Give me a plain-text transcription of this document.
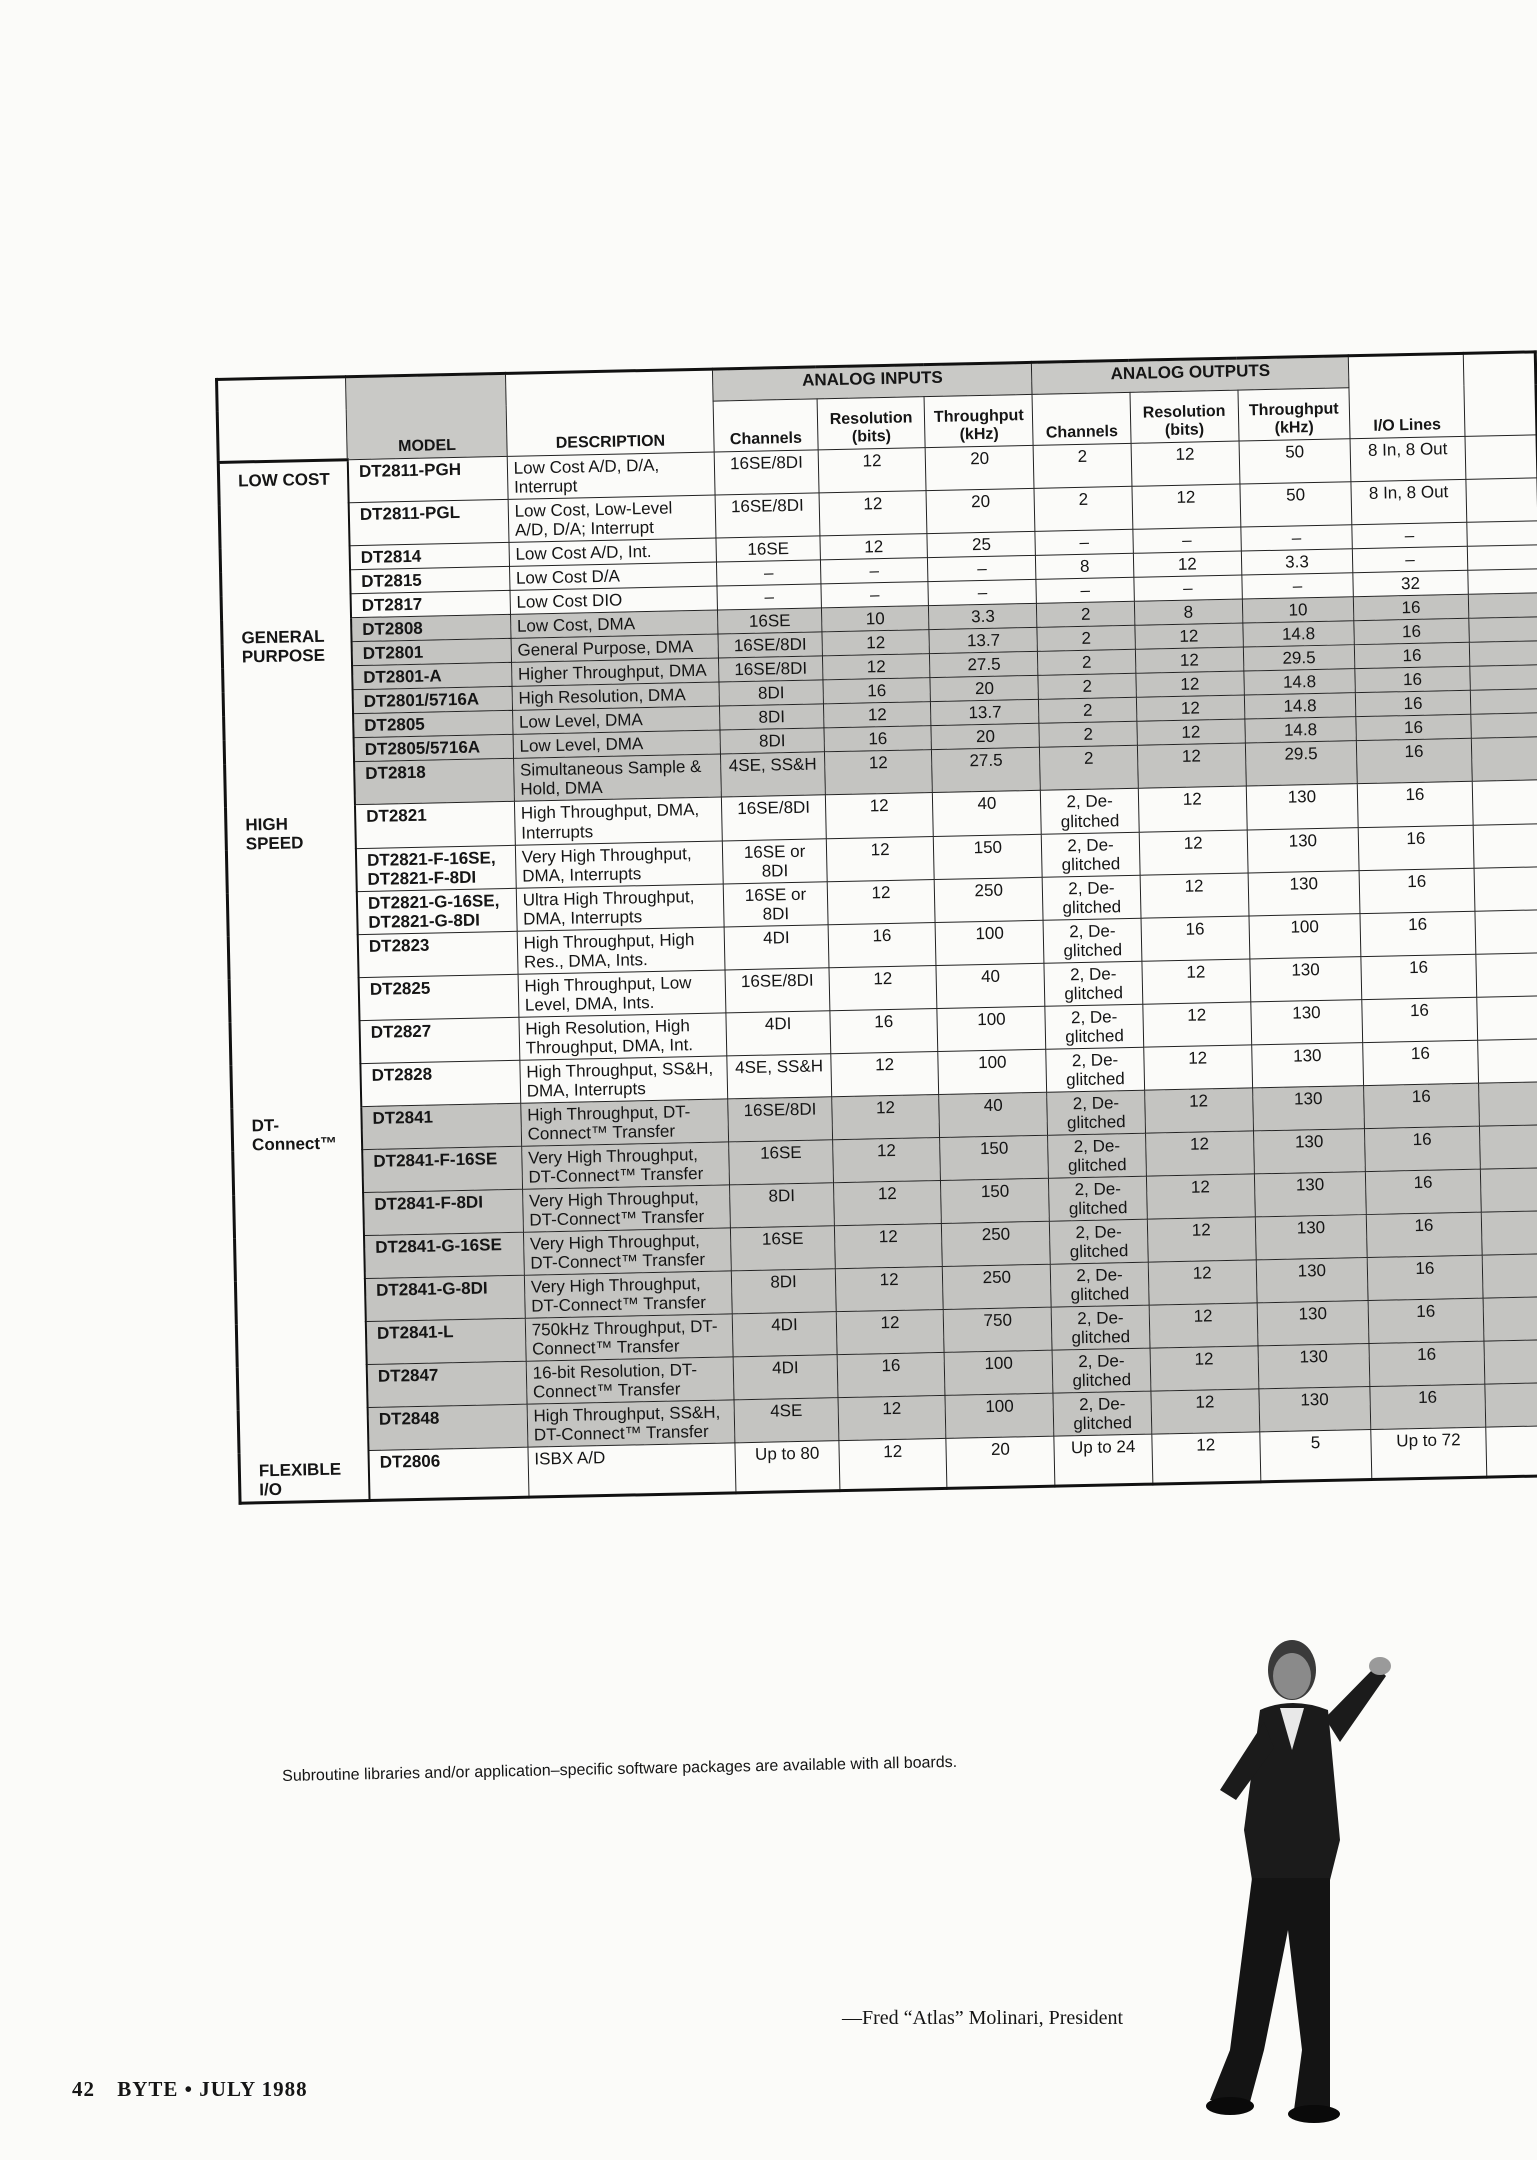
	MODEL	DESCRIPTION	ANALOG INPUTS			ANALOG OUTPUTS			I/O Lines	
			Channels	Resolution (bits)	Throughput (kHz)	Channels	Resolution (bits)	Throughput (kHz)		
LOW COST	DT2811-PGH	Low Cost A/D, D/A, Interrupt	16SE/8DI	12	20	2	12	50	8 In, 8 Out	
	DT2811-PGL	Low Cost, Low-Level A/D, D/A; Interrupt	16SE/8DI	12	20	2	12	50	8 In, 8 Out	
	DT2814	Low Cost A/D, Int.	16SE	12	25	–	–	–	–	
	DT2815	Low Cost D/A	–	–	–	8	12	3.3	–	
	DT2817	Low Cost DIO	–	–	–	–	–	–	32	
GENERAL PURPOSE	DT2808	Low Cost, DMA	16SE	10	3.3	2	8	10	16	
	DT2801	General Purpose, DMA	16SE/8DI	12	13.7	2	12	14.8	16	
	DT2801-A	Higher Throughput, DMA	16SE/8DI	12	27.5	2	12	29.5	16	
	DT2801/5716A	High Resolution, DMA	8DI	16	20	2	12	14.8	16	
	DT2805	Low Level, DMA	8DI	12	13.7	2	12	14.8	16	
	DT2805/5716A	Low Level, DMA	8DI	16	20	2	12	14.8	16	
	DT2818	Simultaneous Sample & Hold, DMA	4SE, SS&H	12	27.5	2	12	29.5	16	
HIGH SPEED	DT2821	High Throughput, DMA, Interrupts	16SE/8DI	12	40	2, De-glitched	12	130	16	
	DT2821-F-16SE, DT2821-F-8DI	Very High Throughput, DMA, Interrupts	16SE or 8DI	12	150	2, De-glitched	12	130	16	
	DT2821-G-16SE, DT2821-G-8DI	Ultra High Throughput, DMA, Interrupts	16SE or 8DI	12	250	2, De-glitched	12	130	16	
	DT2823	High Throughput, High Res., DMA, Ints.	4DI	16	100	2, De-glitched	16	100	16	
	DT2825	High Throughput, Low Level, DMA, Ints.	16SE/8DI	12	40	2, De-glitched	12	130	16	
	DT2827	High Resolution, High Throughput, DMA, Int.	4DI	16	100	2, De-glitched	12	130	16	
	DT2828	High Throughput, SS&H, DMA, Interrupts	4SE, SS&H	12	100	2, De-glitched	12	130	16	
DT-Connect™	DT2841	High Throughput, DT-Connect™ Transfer	16SE/8DI	12	40	2, De-glitched	12	130	16	
	DT2841-F-16SE	Very High Throughput, DT-Connect™ Transfer	16SE	12	150	2, De-glitched	12	130	16	
	DT2841-F-8DI	Very High Throughput, DT-Connect™ Transfer	8DI	12	150	2, De-glitched	12	130	16	
	DT2841-G-16SE	Very High Throughput, DT-Connect™ Transfer	16SE	12	250	2, De-glitched	12	130	16	
	DT2841-G-8DI	Very High Throughput, DT-Connect™ Transfer	8DI	12	250	2, De-glitched	12	130	16	
	DT2841-L	750kHz Throughput, DT-Connect™ Transfer	4DI	12	750	2, De-glitched	12	130	16	
	DT2847	16-bit Resolution, DT-Connect™ Transfer	4DI	16	100	2, De-glitched	12	130	16	
	DT2848	High Throughput, SS&H, DT-Connect™ Transfer	4SE	12	100	2, De-glitched	12	130	16	
FLEXIBLE I/O	DT2806	ISBX A/D	Up to 80	12	20	Up to 24	12	5	Up to 72	
Subroutine libraries and/or application–specific software packages are available with all boards.
—Fred “Atlas” Molinari, President
42 BYTE • JULY 1988
